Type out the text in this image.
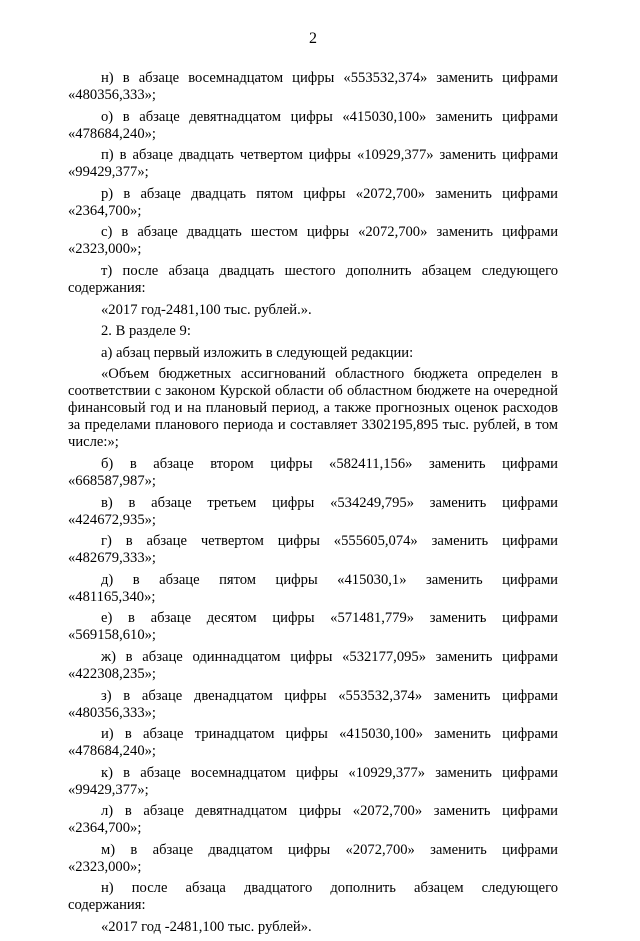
2
н) в абзаце восемнадцатом цифры «553532,374» заменить цифрами
«480356,333»;
о) в абзаце девятнадцатом цифры «415030,100» заменить цифрами
«478684,240»;
п) в абзаце двадцать четвертом цифры «10929,377» заменить цифрами
«99429,377»;
р) в абзаце двадцать пятом цифры «2072,700» заменить цифрами
«2364,700»;
с) в абзаце двадцать шестом цифры «2072,700» заменить цифрами
«2323,000»;
т) после абзаца двадцать шестого дополнить абзацем следующего
содержания:
«2017 год-2481,100 тыс. рублей.».
2. В разделе 9:
а) абзац первый изложить в следующей редакции:
«Объем бюджетных ассигнований областного бюджета определен в соответствии с законом Курской области об областном бюджете на очередной финансовый год и на плановый период, а также прогнозных оценок расходов за пределами планового периода и составляет 3302195,895 тыс. рублей, в том числе:»;
б) в абзаце втором цифры «582411,156» заменить цифрами
«668587,987»;
в) в абзаце третьем цифры «534249,795» заменить цифрами
«424672,935»;
г) в абзаце четвертом цифры «555605,074» заменить цифрами
«482679,333»;
д) в абзаце пятом цифры «415030,1» заменить цифрами
«481165,340»;
е) в абзаце десятом цифры «571481,779» заменить цифрами
«569158,610»;
ж) в абзаце одиннадцатом цифры «532177,095» заменить цифрами
«422308,235»;
з) в абзаце двенадцатом цифры «553532,374» заменить цифрами
«480356,333»;
и) в абзаце тринадцатом цифры «415030,100» заменить цифрами
«478684,240»;
к) в абзаце восемнадцатом цифры «10929,377» заменить цифрами
«99429,377»;
л) в абзаце девятнадцатом цифры «2072,700» заменить цифрами
«2364,700»;
м) в абзаце двадцатом цифры «2072,700» заменить цифрами
«2323,000»;
н) после абзаца двадцатого дополнить абзацем следующего
содержания:
«2017 год -2481,100 тыс. рублей».
